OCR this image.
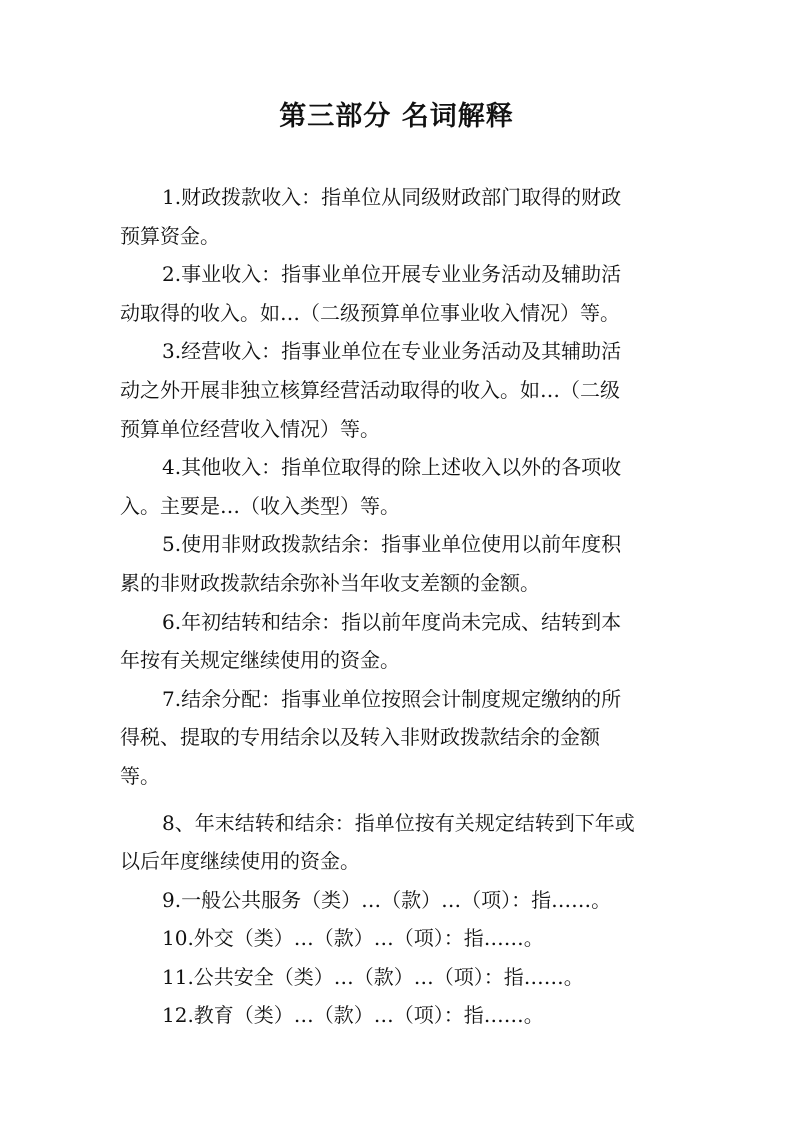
第三部分 名词解释
1.财政拨款收入：指单位从同级财政部门取得的财政
预算资金。
2.事业收入：指事业单位开展专业业务活动及辅助活
动取得的收入。如…（二级预算单位事业收入情况）等。
3.经营收入：指事业单位在专业业务活动及其辅助活
动之外开展非独立核算经营活动取得的收入。如…（二级
预算单位经营收入情况）等。
4.其他收入：指单位取得的除上述收入以外的各项收
入。主要是…（收入类型）等。
5.使用非财政拨款结余：指事业单位使用以前年度积
累的非财政拨款结余弥补当年收支差额的金额。
6.年初结转和结余：指以前年度尚未完成、结转到本
年按有关规定继续使用的资金。
7.结余分配：指事业单位按照会计制度规定缴纳的所
得税、提取的专用结余以及转入非财政拨款结余的金额
等。
8、年末结转和结余：指单位按有关规定结转到下年或
以后年度继续使用的资金。
9.一般公共服务（类）…（款）…（项）：指……。
10.外交（类）…（款）…（项）：指……。
11.公共安全（类）…（款）…（项）：指……。
12.教育（类）…（款）…（项）：指……。
